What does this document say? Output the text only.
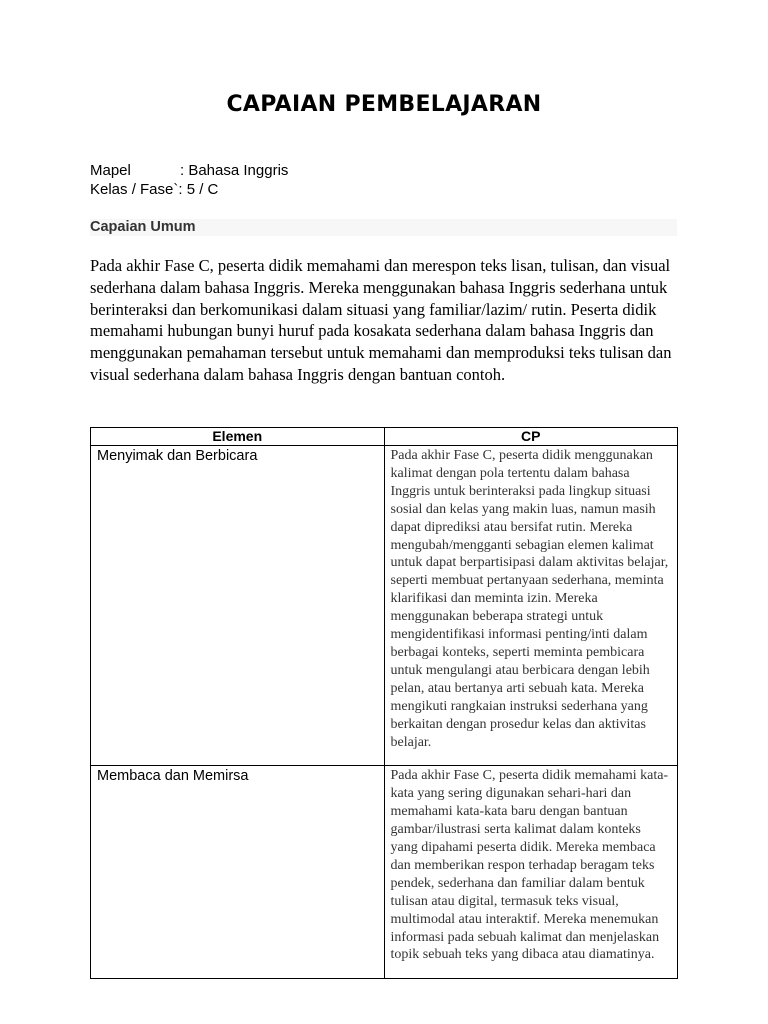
CAPAIAN PEMBELAJARAN
Mapel	: Bahasa Inggris
Kelas / Fase` : 5 / C
Capaian Umum

Pada akhir Fase C, peserta didik memahami dan merespon teks lisan, tulisan, dan visual sederhana dalam bahasa Inggris. Mereka menggunakan bahasa Inggris sederhana untuk berinteraksi dan berkomunikasi dalam situasi yang familiar/lazim/ rutin. Peserta didik memahami hubungan bunyi huruf pada kosakata sederhana dalam bahasa Inggris dan menggunakan pemahaman tersebut untuk memahami dan memproduksi teks tulisan dan visual sederhana dalam bahasa Inggris dengan bantuan contoh.

Elemen	CP
Menyimak dan Berbicara	Pada akhir Fase C, peserta didik menggunakan kalimat dengan pola tertentu dalam bahasa Inggris untuk berinteraksi pada lingkup situasi sosial dan kelas yang makin luas, namun masih dapat diprediksi atau bersifat rutin. Mereka mengubah/mengganti sebagian elemen kalimat untuk dapat berpartisipasi dalam aktivitas belajar, seperti membuat pertanyaan sederhana, meminta klarifikasi dan meminta izin. Mereka menggunakan beberapa strategi untuk mengidentifikasi informasi penting/inti dalam berbagai konteks, seperti meminta pembicara untuk mengulangi atau berbicara dengan lebih pelan, atau bertanya arti sebuah kata. Mereka mengikuti rangkaian instruksi sederhana yang berkaitan dengan prosedur kelas dan aktivitas belajar.
Membaca dan Memirsa	Pada akhir Fase C, peserta didik memahami kata-kata yang sering digunakan sehari-hari dan memahami kata-kata baru dengan bantuan gambar/ilustrasi serta kalimat dalam konteks yang dipahami peserta didik. Mereka membaca dan memberikan respon terhadap beragam teks pendek, sederhana dan familiar dalam bentuk tulisan atau digital, termasuk teks visual, multimodal atau interaktif. Mereka menemukan informasi pada sebuah kalimat dan menjelaskan topik sebuah teks yang dibaca atau diamatinya.
